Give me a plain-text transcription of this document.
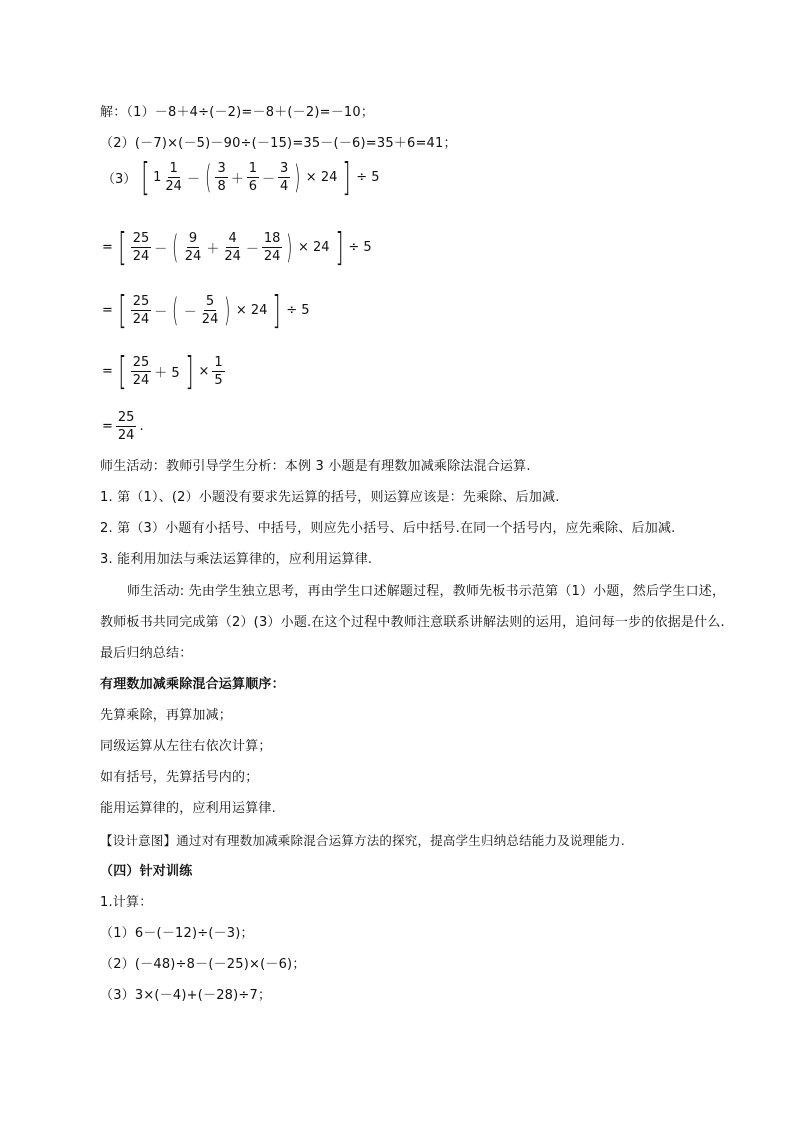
解：（1）－8＋4÷(－2)=－8＋(－2)=－10；
（2）(－7)×(－5)－90÷(－15)=35－(－6)=35＋6=41；
（3） [ $1 \frac{1}{24}$ － ( $\frac{3}{8} + \frac{1}{6} - \frac{3}{4}$ ) × 24 ] ÷ 5
= [ $\frac{25}{24}$ － ( $\frac{9}{24} + \frac{4}{24} - \frac{18}{24}$ ) × 24 ] ÷ 5
= [ $\frac{25}{24}$ － ( － $\frac{5}{24}$ ) × 24 ] ÷ 5
= [ $\frac{25}{24} + 5$ ] × $\frac{1}{5}$
= $\frac{25}{24}$ .
师生活动：教师引导学生分析：本例 3 小题是有理数加减乘除法混合运算.
1. 第（1）、(2）小题没有要求先运算的括号，则运算应该是：先乘除、后加减.
2. 第（3）小题有小括号、中括号，则应先小括号、后中括号.在同一个括号内，应先乘除、后加减.
3. 能利用加法与乘法运算律的，应利用运算律.
师生活动: 先由学生独立思考，再由学生口述解题过程，教师先板书示范第（1）小题，然后学生口述，
教师板书共同完成第（2）(3）小题.在这个过程中教师注意联系讲解法则的运用，追问每一步的依据是什么.
最后归纳总结：
有理数加减乘除混合运算顺序：
先算乘除，再算加减；
同级运算从左往右依次计算；
如有括号，先算括号内的；
能用运算律的，应利用运算律.
【设计意图】通过对有理数加减乘除混合运算方法的探究，提高学生归纳总结能力及说理能力.
（四）针对训练
1.计算：
（1）6－(－12)÷(－3)；
（2）(－48)÷8－(－25)×(－6)；
（3）3×(－4)+(－28)÷7；
